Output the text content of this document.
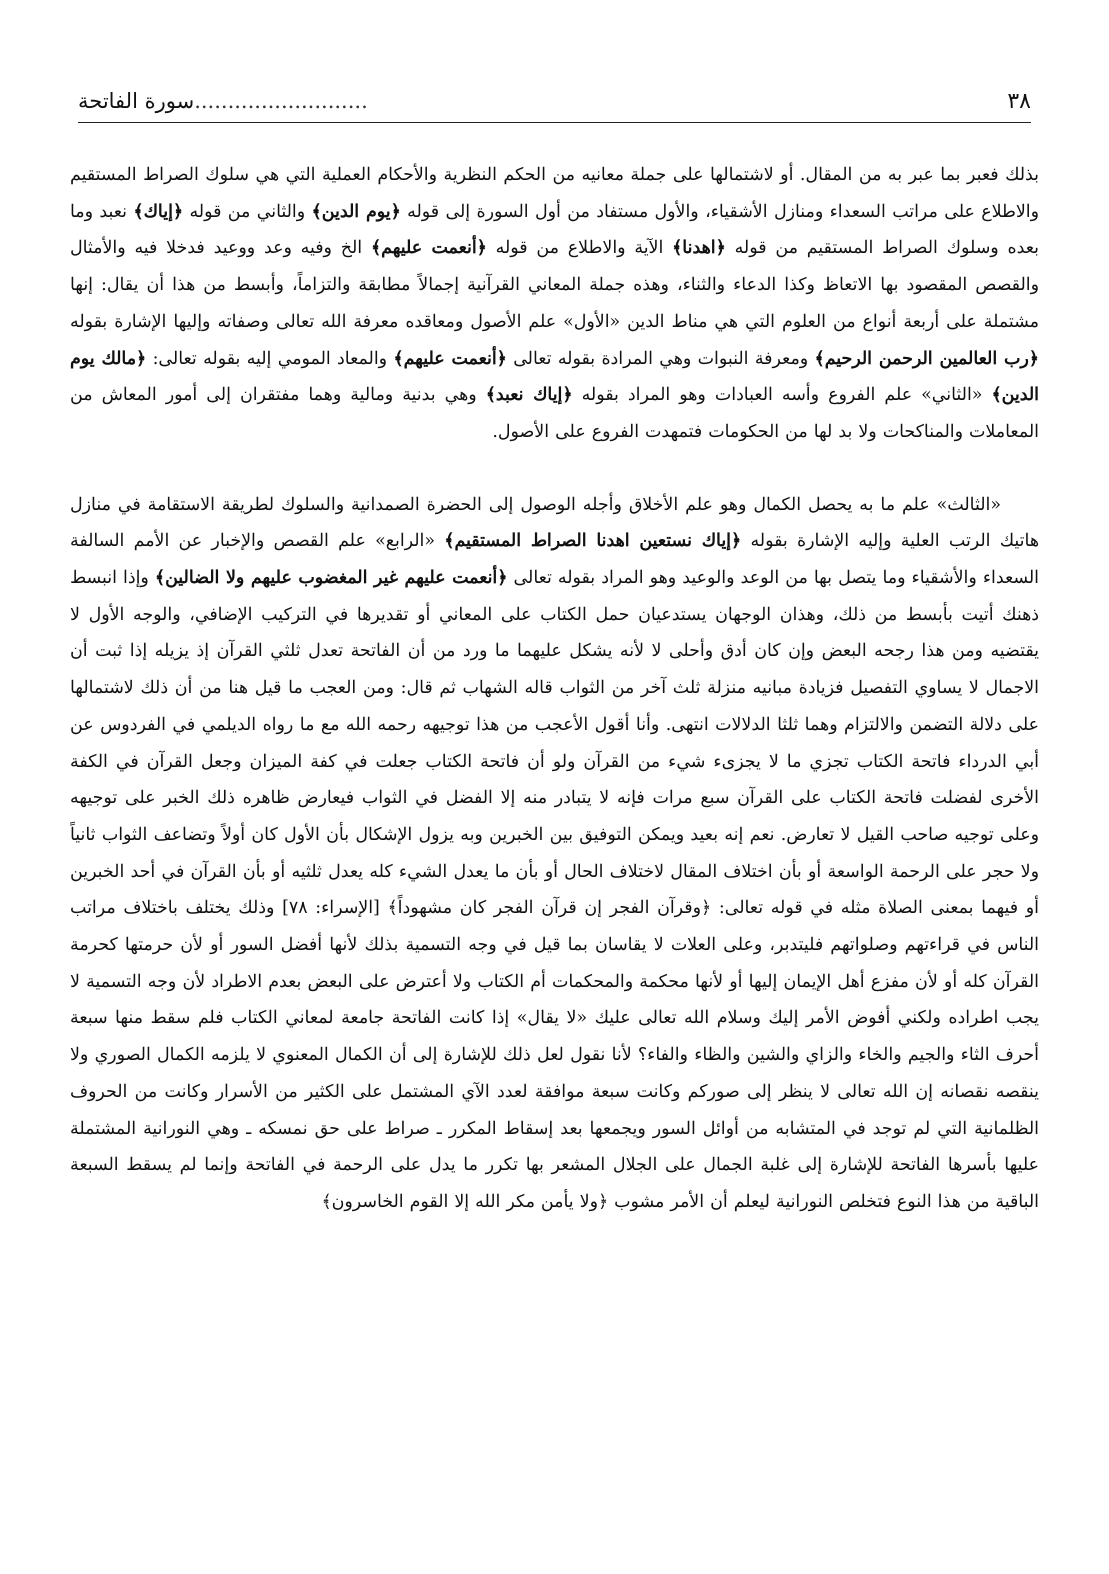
٣٨
..........................سورة الفاتحة

بذلك فعبر بما عبر به من المقال. أو لاشتمالها على جملة معانيه من الحكم النظرية والأحكام العملية التي هي سلوك الصراط المستقيم والاطلاع على مراتب السعداء ومنازل الأشقياء، والأول مستفاد من أول السورة إلى قوله ﴿يوم الدين﴾ والثاني من قوله ﴿إياك﴾ نعبد وما بعده وسلوك الصراط المستقيم من قوله ﴿اهدنا﴾ الآية والاطلاع من قوله ﴿أنعمت عليهم﴾ الخ وفيه وعد ووعيد فدخلا فيه والأمثال والقصص المقصود بها الاتعاظ وكذا الدعاء والثناء، وهذه جملة المعاني القرآنية إجمالاً مطابقة والتزاماً، وأبسط من هذا أن يقال: إنها مشتملة على أربعة أنواع من العلوم التي هي مناط الدين «الأول» علم الأصول ومعاقده معرفة الله تعالى وصفاته وإليها الإشارة بقوله ﴿رب العالمين الرحمن الرحيم﴾ ومعرفة النبوات وهي المرادة بقوله تعالى ﴿أنعمت عليهم﴾ والمعاد المومي إليه بقوله تعالى: ﴿مالك يوم الدين﴾ «الثاني» علم الفروع وأسه العبادات وهو المراد بقوله ﴿إياك نعبد﴾ وهي بدنية ومالية وهما مفتقران إلى أمور المعاش من المعاملات والمناكحات ولا بد لها من الحكومات فتمهدت الفروع على الأصول.

«الثالث» علم ما به يحصل الكمال وهو علم الأخلاق وأجله الوصول إلى الحضرة الصمدانية والسلوك لطريقة الاستقامة في منازل هاتيك الرتب العلية وإليه الإشارة بقوله ﴿إياك نستعين اهدنا الصراط المستقيم﴾ «الرابع» علم القصص والإخبار عن الأمم السالفة السعداء والأشقياء وما يتصل بها من الوعد والوعيد وهو المراد بقوله تعالى ﴿أنعمت عليهم غير المغضوب عليهم ولا الضالين﴾ وإذا انبسط ذهنك أتيت بأبسط من ذلك، وهذان الوجهان يستدعيان حمل الكتاب على المعاني أو تقديرها في التركيب الإضافي، والوجه الأول لا يقتضيه ومن هذا رجحه البعض وإن كان أدق وأحلى لا لأنه يشكل عليهما ما ورد من أن الفاتحة تعدل ثلثي القرآن إذ يزيله إذا ثبت أن الاجمال لا يساوي التفصيل فزيادة مبانيه منزلة ثلث آخر من الثواب قاله الشهاب ثم قال: ومن العجب ما قيل هنا من أن ذلك لاشتمالها على دلالة التضمن والالتزام وهما ثلثا الدلالات انتهى. وأنا أقول الأعجب من هذا توجيهه رحمه الله مع ما رواه الديلمي في الفردوس عن أبي الدرداء فاتحة الكتاب تجزي ما لا يجزىء شيء من القرآن ولو أن فاتحة الكتاب جعلت في كفة الميزان وجعل القرآن في الكفة الأخرى لفضلت فاتحة الكتاب على القرآن سبع مرات فإنه لا يتبادر منه إلا الفضل في الثواب فيعارض ظاهره ذلك الخبر على توجيهه وعلى توجيه صاحب القيل لا تعارض. نعم إنه بعيد ويمكن التوفيق بين الخبرين وبه يزول الإشكال بأن الأول كان أولاً وتضاعف الثواب ثانياً ولا حجر على الرحمة الواسعة أو بأن اختلاف المقال لاختلاف الحال أو بأن ما يعدل الشيء كله يعدل ثلثيه أو بأن القرآن في أحد الخبرين أو فيهما بمعنى الصلاة مثله في قوله تعالى: ﴿وقرآن الفجر إن قرآن الفجر كان مشهوداً﴾ [الإسراء: ٧٨] وذلك يختلف باختلاف مراتب الناس في قراءتهم وصلواتهم فليتدبر، وعلى العلات لا يقاسان بما قيل في وجه التسمية بذلك لأنها أفضل السور أو لأن حرمتها كحرمة القرآن كله أو لأن مفزع أهل الإيمان إليها أو لأنها محكمة والمحكمات أم الكتاب ولا أعترض على البعض بعدم الاطراد لأن وجه التسمية لا يجب اطراده ولكني أفوض الأمر إليك وسلام الله تعالى عليك «لا يقال» إذا كانت الفاتحة جامعة لمعاني الكتاب فلم سقط منها سبعة أحرف الثاء والجيم والخاء والزاي والشين والظاء والفاء؟ لأنا نقول لعل ذلك للإشارة إلى أن الكمال المعنوي لا يلزمه الكمال الصوري ولا ينقصه نقصانه إن الله تعالى لا ينظر إلى صوركم وكانت سبعة موافقة لعدد الآي المشتمل على الكثير من الأسرار وكانت من الحروف الظلمانية التي لم توجد في المتشابه من أوائل السور ويجمعها بعد إسقاط المكرر ـ صراط على حق نمسكه ـ وهي النورانية المشتملة عليها بأسرها الفاتحة للإشارة إلى غلبة الجمال على الجلال المشعر بها تكرر ما يدل على الرحمة في الفاتحة وإنما لم يسقط السبعة الباقية من هذا النوع فتخلص النورانية ليعلم أن الأمر مشوب ﴿ولا يأمن مكر الله إلا القوم الخاسرون﴾
